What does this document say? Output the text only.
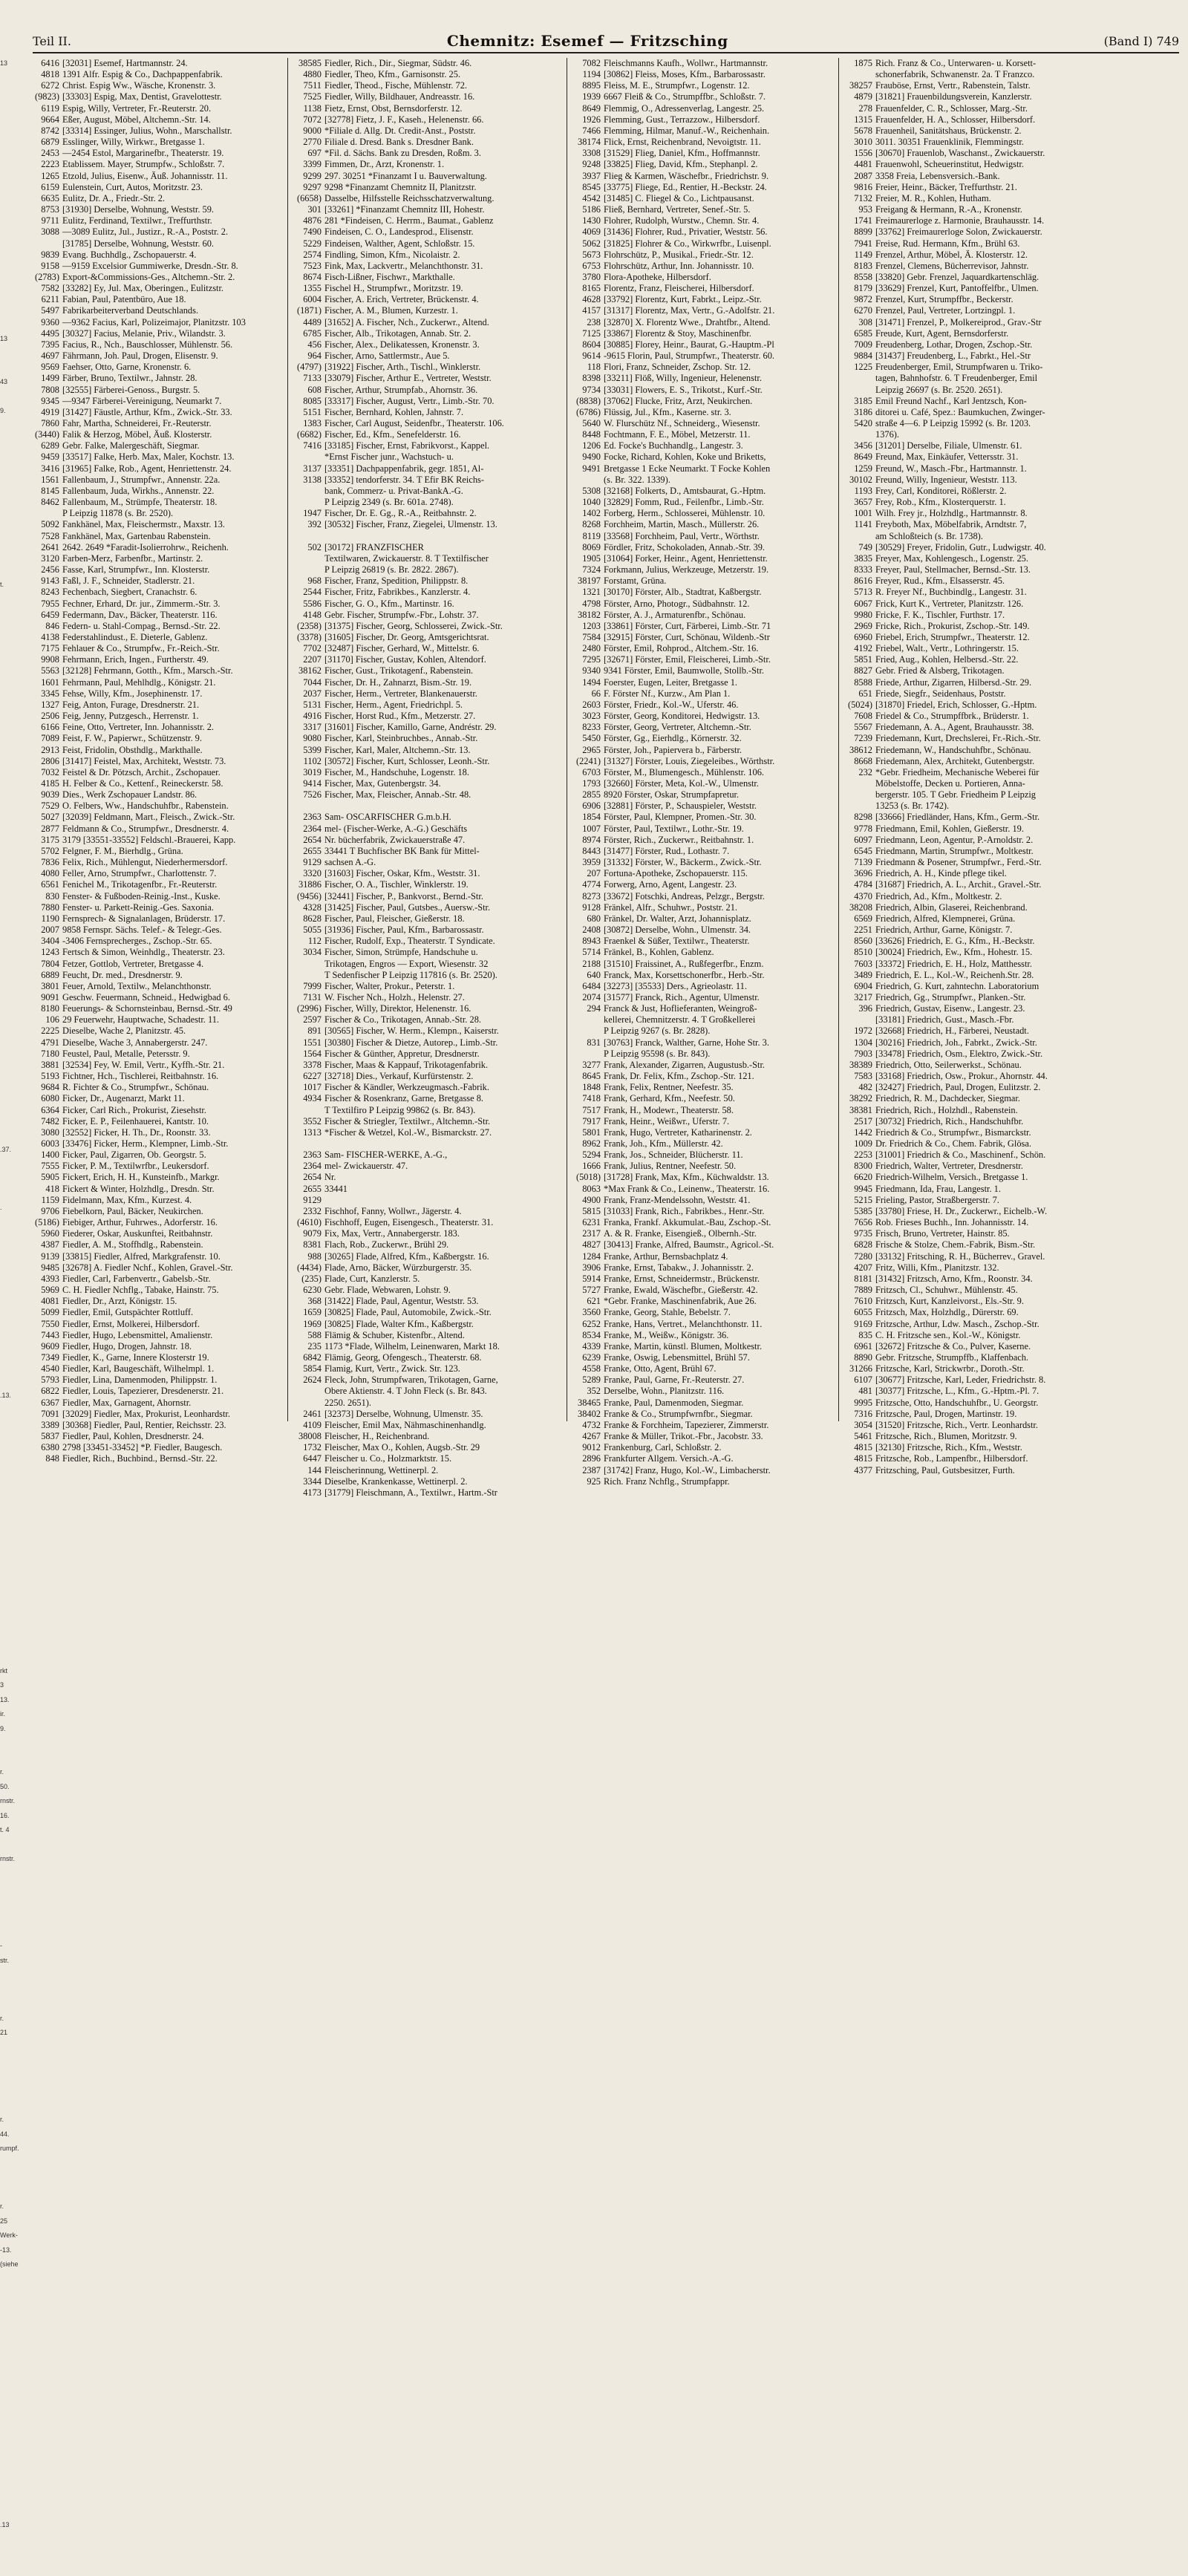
Teil II.	Chemnitz: Esemef — Fritzsching	(Band I) 749
13

13

43

9.

t.

.37.

.

.13.

rkt 3
13.
ir. 9.

r. 50.
rnstr.
16.
t. 4

rnstr.

-str.

r. 21

r. 44.
rumpf.

r. 25
Werk-
-13.
(siehe

.13

6416 [32031] Esemef, Hartmannstr. 24.
4818 1391 Alfr. Espig & Co., Dachpappenfabrik.
6272 Christ. Espig Ww., Wäsche, Kronenstr. 3.
(9823) [33303] Espig, Max, Dentist, Gravelottestr.
6119 Espig, Willy, Vertreter, Fr.-Reuterstr. 20.
9664 Eßer, August, Möbel, Altchemn.-Str. 14.
8742 [33314] Essinger, Julius, Wohn., Marschallstr.
6879 Esslinger, Willy, Wirkwr., Bretgasse 1.
2453 —2454 Estol, Margarinefbr., Theaterstr. 19.
2223 Etablissem. Mayer, Strumpfw., Schloßstr. 7.
1265 Etzold, Julius, Eisenw., Äuß. Johannisstr. 11.
6159 Eulenstein, Curt, Autos, Moritzstr. 23.
6635 Eulitz, Dr. A., Friedr.-Str. 2.
8753 [31930] Derselbe, Wohnung, Weststr. 59.
9711 Eulitz, Ferdinand, Textilwr., Treffurthstr.
3088 —3089 Eulitz, Jul., Justizr., R.-A., Poststr. 2.
[31785] Derselbe, Wohnung, Weststr. 60.
9839 Evang. Buchhdlg., Zschopauerstr. 4.
9158 —9159 Excelsior Gummiwerke, Dresdn.-Str. 8.
(2783) Export-&Commissions-Ges., Altchemn.-Str. 2.
7582 [33282] Ey, Jul. Max, Oberingen., Eulitzstr.
6211 Fabian, Paul, Patentbüro, Aue 18.
5497 Fabrikarbeiterverband Deutschlands.
9360 —9362 Facius, Karl, Polizeimajor, Planitzstr. 103
4495 [30327] Facius, Melanie, Priv., Wilandstr. 3.
7395 Facius, R., Nch., Bauschlosser, Mühlenstr. 56.
4697 Fährmann, Joh. Paul, Drogen, Elisenstr. 9.
9569 Faehser, Otto, Garne, Kronenstr. 6.
1499 Färber, Bruno, Textilwr., Jahnstr. 28.
7808 [32555] Färberei-Genoss., Burgstr. 5.
9345 —9347 Färberei-Vereinigung, Neumarkt 7.
4919 [31427] Fäustle, Arthur, Kfm., Zwick.-Str. 33.
7860 Fahr, Martha, Schneiderei, Fr.-Reuterstr.
(3440) Falik & Herzog, Möbel, Äuß. Klosterstr.
6289 Gebr. Falke, Malergeschäft, Siegmar.
9459 [33517] Falke, Herb. Max, Maler, Kochstr. 13.
3416 [31965] Falke, Rob., Agent, Henriettenstr. 24.
1561 Fallenbaum, J., Strumpfwr., Annenstr. 22a.
8145 Fallenbaum, Juda, Wirkhs., Annenstr. 22.
8462 Fallenbaum, M., Strümpfe, Theaterstr. 18.
P Leipzig 11878 (s. Br. 2520).
5092 Fankhänel, Max, Fleischermstr., Maxstr. 13.
7528 Fankhänel, Max, Gartenbau Rabenstein.
2641 2642. 2649 *Faradit-Isolierrohrw., Reichenh.
3120 Farben-Merz, Farbenfbr., Martinstr. 2.
2456 Fasse, Karl, Strumpfwr., Inn. Klosterstr.
9143 Faßl, J. F., Schneider, Stadlerstr. 21.
8243 Fechenbach, Siegbert, Cranachstr. 6.
7955 Fechner, Erhard, Dr. jur., Zimmerm.-Str. 3.
6459 Federmann, Dav., Bäcker, Theaterstr. 116.
846 Federn- u. Stahl-Compag., Bernsd.-Str. 22.
4138 Federstahlindust., E. Dieterle, Gablenz.
7175 Fehlauer & Co., Strumpfw., Fr.-Reich.-Str.
9908 Fehrmann, Erich, Ingen., Furtherstr. 49.
5563 [32128] Fehrmann, Gotth., Kfm., Marsch.-Str.
1601 Fehrmann, Paul, Mehlhdlg., Königstr. 21.
3345 Fehse, Willy, Kfm., Josephinenstr. 17.
1327 Feig, Anton, Furage, Dresdnerstr. 21.
2506 Feig, Jenny, Putzgesch., Herrenstr. 1.
6166 Feine, Otto, Vertreter, Inn. Johannisstr. 2.
7089 Feist, F. W., Papierwr., Schützenstr. 9.
2913 Feist, Fridolin, Obsthdlg., Markthalle.
2806 [31417] Feistel, Max, Architekt, Weststr. 73.
7032 Feistel & Dr. Pötzsch, Archit., Zschopauer.
4185 H. Felber & Co., Kettenf., Reineckerstr. 58.
9039 Dies., Werk Zschopauer Landstr. 86.
7529 O. Felbers, Ww., Handschuhfbr., Rabenstein.
5027 [32039] Feldmann, Mart., Fleisch., Zwick.-Str.
2877 Feldmann & Co., Strumpfwr., Dresdnerstr. 4.
3175 3179 [33551-33552] Feldschl.-Brauerei, Kapp.
5702 Felgner, F. M., Bierhdlg., Grüna.
7836 Felix, Rich., Mühlengut, Niederhermersdorf.
4080 Feller, Arno, Strumpfwr., Charlottenstr. 7.
6561 Fenichel M., Trikotagenfbr., Fr.-Reuterstr.
830 Fenster- & Fußboden-Reinig.-Inst., Kuske.
7880 Fenster- u. Parkett-Reinig.-Ges. Saxonia.
1190 Fernsprech- & Signalanlagen, Brüderstr. 17.
2007 9858 Fernspr. Sächs. Telef.- & Telegr.-Ges.
3404 -3406 Fernsprecherges., Zschop.-Str. 65.
1243 Fertsch & Simon, Weinhdlg., Theaterstr. 23.
7804 Fetzer, Gottlob, Vertreter, Bretgasse 4.
6889 Feucht, Dr. med., Dresdnerstr. 9.
3801 Feuer, Arnold, Textilw., Melanchthonstr.
9091 Geschw. Feuermann, Schneid., Hedwigbad 6.
8180 Feuerungs- & Schornsteinbau, Bernsd.-Str. 49
106 29 Feuerwehr, Hauptwache, Schadestr. 11.
2225 Dieselbe, Wache 2, Planitzstr. 45.
4791 Dieselbe, Wache 3, Annabergerstr. 247.
7180 Feustel, Paul, Metalle, Petersstr. 9.
3881 [32534] Fey, W. Emil, Vertr., Kyffh.-Str. 21.
5193 Fichtner, Hch., Tischlerei, Reitbahnstr. 16.
9684 R. Fichter & Co., Strumpfwr., Schönau.
6080 Ficker, Dr., Augenarzt, Markt 11.
6364 Ficker, Carl Rich., Prokurist, Ziesehstr.
7482 Ficker, E. P., Feilenhauerei, Kantstr. 10.
3080 [32552] Ficker, H. Th., Dr., Roonstr. 33.
6003 [33476] Ficker, Herm., Klempner, Limb.-Str.
1400 Ficker, Paul, Zigarren, Ob. Georgstr. 5.
7555 Ficker, P. M., Textilwrfbr., Leukersdorf.
5905 Fickert, Erich, H. H., Kunsteinfb., Markgr.
418 Fickert & Winter, Holzhdlg., Dresdn. Str.
1159 Fidelmann, Max, Kfm., Kurzest. 4.
9706 Fiebelkorn, Paul, Bäcker, Neukirchen.
(5186) Fiebiger, Arthur, Fuhrwes., Adorferstr. 16.
5960 Fiederer, Oskar, Auskunftei, Reitbahnstr.
4387 Fiedler, A. M., Stoffhdlg., Rabenstein.
9139 [33815] Fiedler, Alfred, Markgrafenstr. 10.
9485 [32678] A. Fiedler Nchf., Kohlen, Gravel.-Str.
4393 Fiedler, Carl, Farbenvertr., Gabelsb.-Str.
5969 C. H. Fiedler Nchflg., Tabake, Hainstr. 75.
4081 Fiedler, Dr., Arzt, Königstr. 15.
5099 Fiedler, Emil, Gutspächter Rottluff.
7550 Fiedler, Ernst, Molkerei, Hilbersdorf.
7443 Fiedler, Hugo, Lebensmittel, Amalienstr.
9609 Fiedler, Hugo, Drogen, Jahnstr. 18.
7349 Fiedler, K., Garne, Innere Klosterstr 19.
4540 Fiedler, Karl, Baugeschäft, Wilhelmpl. 1.
5793 Fiedler, Lina, Damenmoden, Philippstr. 1.
6822 Fiedler, Louis, Tapezierer, Dresdenerstr. 21.
6367 Fiedler, Max, Garnagent, Ahornstr.
7091 [32029] Fiedler, Max, Prokurist, Leonhardstr.
3389 [30368] Fiedler, Paul, Rentier, Reichsstr. 23.
5837 Fiedler, Paul, Kohlen, Dresdnerstr. 24.
6380 2798 [33451-33452] *P. Fiedler, Baugesch.
848 Fiedler, Rich., Buchbind., Bernsd.-Str. 22.
38585 Fiedler, Rich., Dir., Siegmar, Südstr. 46.
4880 Fiedler, Theo, Kfm., Garnisonstr. 25.
7511 Fiedler, Theod., Fische, Mühlenstr. 72.
7525 Fiedler, Willy, Bildhauer, Andreasstr. 16.
1138 Fietz, Ernst, Obst, Bernsdorferstr. 12.
7072 [32778] Fietz, J. F., Kaseh., Helenenstr. 66.
9000 *Filiale d. Allg. Dt. Credit-Anst., Poststr.
2770 Filiale d. Dresd. Bank s. Dresdner Bank.
697 *Fil. d. Sächs. Bank zu Dresden, Roßm. 3.
3399 Fimmen, Dr., Arzt, Kronenstr. 1.
9299 297. 30251 *Finanzamt I u. Bauverwaltung.
9297 9298 *Finanzamt Chemnitz II, Planitzstr.
(6658) Dasselbe, Hilfsstelle Reichsschatzverwaltung.
301 [33261] *Finanzamt Chemnitz III, Hohestr.
4876 281 *Findeisen, C. Herrm., Baumat., Gablenz
7490 Findeisen, C. O., Landesprod., Elisenstr.
5229 Findeisen, Walther, Agent, Schloßstr. 15.
2574 Findling, Simon, Kfm., Nicolaistr. 2.
7523 Fink, Max, Lackvertr., Melanchthonstr. 31.
8674 Fisch-Lißner, Fischwr., Markthalle.
1355 Fischel H., Strumpfwr., Moritzstr. 19.
6004 Fischer, A. Erich, Vertreter, Brückenstr. 4.
(1871) Fischer, A. M., Blumen, Kurzestr. 1.
4489 [31652] A. Fischer, Nch., Zuckerwr., Altend.
6785 Fischer, Alb., Trikotagen, Annab. Str. 2.
456 Fischer, Alex., Delikatessen, Kronenstr. 3.
964 Fischer, Arno, Sattlermstr., Aue 5.
(4797) [31922] Fischer, Arth., Tischl., Winklerstr.
7133 [33079] Fischer, Arthur E., Vertreter, Weststr.
608 Fischer, Arthur, Strumpfab., Ahornstr. 36.
8085 [33317] Fischer, August, Vertr., Limb.-Str. 70.
5151 Fischer, Bernhard, Kohlen, Jahnstr. 7.
1383 Fischer, Carl August, Seidenfbr., Theaterstr. 106.
(6682) Fischer, Ed., Kfm., Senefelderstr. 16.
7416 [33185] Fischer, Ernst, Fabrikvorst., Kappel.
*Ernst Fischer junr., Wachstuch- u.
3137 [33351] Dachpappenfabrik, gegr. 1851, Al-
3138 [33352] tendorferstr. 34. T Efir BK Reichs-
bank, Commerz- u. Privat-BankA.-G.
P Leipzig 2349 (s. Br. 601a. 2748).
1947 Fischer, Dr. E. Gg., R.-A., Reitbahnstr. 2.
392 [30532] Fischer, Franz, Ziegelei, Ulmenstr. 13.

502 [30172] FRANZFISCHER
Textilwaren, Zwickauerstr. 8. T Textilfischer
P Leipzig 26819 (s. Br. 2822. 2867).
968 Fischer, Franz, Spedition, Philippstr. 8.
2544 Fischer, Fritz, Fabrikbes., Kanzlerstr. 4.
5586 Fischer, G. O., Kfm., Martinstr. 16.
4148 Gebr. Fischer, Strumpfw.-Fbr., Lohstr. 37.
(2358) [31375] Fischer, Georg, Schlosserei, Zwick.-Str.
(3378) [31605] Fischer, Dr. Georg, Amtsgerichtsrat.
7702 [32487] Fischer, Gerhard, W., Mittelstr. 6.
2207 [31170] Fischer, Gustav, Kohlen, Altendorf.
38162 Fischer, Gust., Trikotagenf., Rabenstein.
7044 Fischer, Dr. H., Zahnarzt, Bism.-Str. 19.
2037 Fischer, Herm., Vertreter, Blankenauerstr.
5131 Fischer, Herm., Agent, Friedrichpl. 5.
4916 Fischer, Horst Rud., Kfm., Metzerstr. 27.
3317 [31601] Fischer, Kamillo, Garne, Andréstr. 29.
9080 Fischer, Karl, Steinbruchbes., Annab.-Str.
5399 Fischer, Karl, Maler, Altchemn.-Str. 13.
1102 [30572] Fischer, Kurt, Schlosser, Leonh.-Str.
3019 Fischer, M., Handschuhe, Logenstr. 18.
9414 Fischer, Max, Gutenbergstr. 34.
7526 Fischer, Max, Fleischer, Annab.-Str. 48.

2363 Sam- OSCARFISCHER G.m.b.H.
2364 mel- (Fischer-Werke, A.-G.) Geschäfts
2654 Nr. bücherfabrik, Zwickauerstraße 47.
2655 33441 T Buchfischer BK Bank für Mittel-
9129 sachsen A.-G.
3320 [31603] Fischer, Oskar, Kfm., Weststr. 31.
31886 Fischer, O. A., Tischler, Winklerstr. 19.
(9456) [32441] Fischer, P., Bankvorst., Bernd.-Str.
4328 [31425] Fischer, Paul, Gutsbes., Auersw.-Str.
8628 Fischer, Paul, Fleischer, Gießerstr. 18.
5055 [31936] Fischer, Paul, Kfm., Barbarossastr.
112 Fischer, Rudolf, Exp., Theaterstr. T Syndicate.
3034 Fischer, Simon, Strümpfe, Handschuhe u.
Trikotagen, Engros — Export, Wiesenstr. 32
T Sedenfischer P Leipzig 117816 (s. Br. 2520).
7999 Fischer, Walter, Prokur., Peterstr. 1.
7131 W. Fischer Nch., Holzh., Helenstr. 27.
(2996) Fischer, Willy, Direktor, Helenenstr. 16.
2597 Fischer & Co., Trikotagen, Annab.-Str. 28.
891 [30565] Fischer, W. Herm., Klempn., Kaiserstr.
1551 [30380] Fischer & Dietze, Autorep., Limb.-Str.
1564 Fischer & Günther, Appretur, Dresdnerstr.
3378 Fischer, Maas & Kappauf, Trikotagenfabrik.
6227 [32718] Dies., Verkauf, Kurfürstenstr. 2.
1017 Fischer & Kändler, Werkzeugmasch.-Fabrik.
4934 Fischer & Rosenkranz, Garne, Bretgasse 8.
T Textilfiro P Leipzig 99862 (s. Br. 843).
3552 Fischer & Striegler, Textilwr., Altchemn.-Str.
1313 *Fischer & Wetzel, Kol.-W., Bismarckstr. 27.

2363 Sam- FISCHER-WERKE, A.-G.,
2364 mel- Zwickauerstr. 47.
2654 Nr.
2655 33441
9129
2332 Fischhof, Fanny, Wollwr., Jägerstr. 4.
(4610) Fischhoff, Eugen, Eisengesch., Theaterstr. 31.
9079 Fix, Max, Vertr., Annabergerstr. 183.
8381 Flach, Rob., Zuckerwr., Brühl 29.
988 [30265] Flade, Alfred, Kfm., Kaßbergstr. 16.
(4434) Flade, Arno, Bäcker, Würzburgerstr. 35.
(235) Flade, Curt, Kanzlerstr. 5.
6230 Gebr. Flade, Webwaren, Lohstr. 9.
368 [31422] Flade, Paul, Agentur, Weststr. 53.
1659 [30825] Flade, Paul, Automobile, Zwick.-Str.
1969 [30825] Flade, Walter Kfm., Kaßbergstr.
588 Flämig & Schuber, Kistenfbr., Altend.
235 1173 *Flade, Wilhelm, Leinenwaren, Markt 18.
6842 Flämig, Georg, Ofengesch., Theaterstr. 68.
5854 Flamig, Kurt, Vertr., Zwick. Str. 123.
2624 Fleck, John, Strumpfwaren, Trikotagen, Garne,
Obere Aktienstr. 4. T John Fleck (s. Br. 843.
2250. 2651).
2461 [32373] Derselbe, Wohnung, Ulmenstr. 35.
4109 Fleischer, Emil Max, Nähmaschinenhandlg.
38008 Fleischer, H., Reichenbrand.
1732 Fleischer, Max O., Kohlen, Augsb.-Str. 29
6447 Fleischer u. Co., Holzmarktstr. 15.
144 Fleischerinnung, Wettinerpl. 2.
3344 Dieselbe, Krankenkasse, Wettinerpl. 2.
4173 [31779] Fleischmann, A., Textilwr., Hartm.-Str
7082 Fleischmanns Kaufh., Wollwr., Hartmannstr.
1194 [30862] Fleiss, Moses, Kfm., Barbarossastr.
8895 Fleiss, M. E., Strumpfwr., Logenstr. 12.
1939 6667 Fleiß & Co., Strumpffbr., Schloßstr. 7.
8649 Flemmig, O., Adressenverlag, Langestr. 25.
1926 Flemming, Gust., Terrazzow., Hilbersdorf.
7466 Flemming, Hilmar, Manuf.-W., Reichenhain.
38174 Flick, Ernst, Reichenbrand, Nevoigtstr. 11.
3308 [31529] Flieg, Daniel, Kfm., Hoffmannstr.
9248 [33825] Flieg, David, Kfm., Stephanpl. 2.
3937 Flieg & Karmen, Wäschefbr., Friedrichstr. 9.
8545 [33775] Fliege, Ed., Rentier, H.-Beckstr. 24.
4542 [31485] C. Fliegel & Co., Lichtpausanst.
5186 Fließ, Bernhard, Vertreter, Senef.-Str. 5.
1430 Flohrer, Rudolph, Wurstw., Chemn. Str. 4.
4069 [31436] Flohrer, Rud., Privatier, Weststr. 56.
5062 [31825] Flohrer & Co., Wirkwrfbr., Luisenpl.
5673 Flohrschütz, P., Musikal., Friedr.-Str. 12.
6753 Flohrschütz, Arthur, Inn. Johannisstr. 10.
3780 Flora-Apotheke, Hilbersdorf.
8165 Florentz, Franz, Fleischerei, Hilbersdorf.
4628 [33792] Florentz, Kurt, Fabrkt., Leipz.-Str.
4157 [31317] Florentz, Max, Vertr., G.-Adolfstr. 21.
238 [32870] X. Florentz Wwe., Drahtfbr., Altend.
7125 [33867] Florentz & Stoy, Maschinenfbr.
8604 [30885] Florey, Heinr., Baurat, G.-Hauptm.-Pl
9614 -9615 Florin, Paul, Strumpfwr., Theaterstr. 60.
118 Flori, Franz, Schneider, Zschop. Str. 12.
8398 [33211] Flöß, Willy, Ingenieur, Helenenstr.
9734 [33031] Flowers, E. S., Trikotst., Kurf.-Str.
(8838) [37062] Flucke, Fritz, Arzt, Neukirchen.
(6786) Flüssig, Jul., Kfm., Kaserne. str. 3.
5640 W. Flurschütz Nf., Schneiderg., Wiesenstr.
8448 Fochtmann, F. E., Möbel, Metzerstr. 11.
1206 Ed. Focke's Buchhandlg., Langestr. 3.
9490 Focke, Richard, Kohlen, Koke und Briketts,
9491 Bretgasse 1 Ecke Neumarkt. T Focke Kohlen
(s. Br. 322. 1339).
5308 [32168] Folkerts, D., Amtsbaurat, G.-Hptm.
1040 [32829] Fomm, Rud., Feilenfbr., Limb.-Str.
1402 Forberg, Herm., Schlosserei, Mühlenstr. 10.
8268 Forchheim, Martin, Masch., Müllerstr. 26.
8119 [33568] Forchheim, Paul, Vertr., Wörthstr.
8069 Fördler, Fritz, Schokoladen, Annab.-Str. 39.
1905 [31064] Forker, Heinr., Agent, Henriettenstr.
7324 Forkmann, Julius, Werkzeuge, Metzerstr. 19.
38197 Forstamt, Grüna.
1321 [30170] Förster, Alb., Stadtrat, Kaßbergstr.
4798 Förster, Arno, Photogr., Südbahnstr. 12.
38182 Förster, A. J., Armaturenfbr., Schönau.
1203 [33861] Förster, Curt, Färberei, Limb.-Str. 71
7584 [32915] Förster, Curt, Schönau, Wildenb.-Str
2480 Förster, Emil, Rohprod., Altchem.-Str. 16.
7295 [32671] Förster, Emil, Fleischerei, Limb.-Str.
9340 9341 Förster, Emil, Baumwolle, Stollb.-Str.
1494 Foerster, Eugen, Leiter, Bretgasse 1.
66 F. Förster Nf., Kurzw., Am Plan 1.
2603 Förster, Friedr., Kol.-W., Uferstr. 46.
3023 Förster, Georg, Konditorei, Hedwigstr. 13.
8233 Förster, Georg, Vertreter, Altchemn.-Str.
5450 Förster, Gg., Eierhdlg., Körnerstr. 32.
2965 Förster, Joh., Papiervera b., Färberstr.
(2241) [31327] Förster, Louis, Ziegeleibes., Wörthstr.
6703 Förster, M., Blumengesch., Mühlenstr. 106.
1793 [32660] Förster, Meta, Kol.-W., Ulmenstr.
2855 8920 Förster, Oskar, Strumpfapretur.
6906 [32881] Förster, P., Schauspieler, Weststr.
1854 Förster, Paul, Klempner, Promen.-Str. 30.
1007 Förster, Paul, Textilwr., Lothr.-Str. 19.
8974 Förster, Rich., Zuckerwr., Reitbahnstr. 1.
8443 [31477] Förster, Rud., Lothastr. 7.
3959 [31332] Förster, W., Bäckerm., Zwick.-Str.
207 Fortuna-Apotheke, Zschopauerstr. 115.
4774 Forwerg, Arno, Agent, Langestr. 23.
8273 [33672] Fotschki, Andreas, Pelzgr., Bergstr.
9128 Fränkel, Alfr., Schuhwr., Poststr. 21.
680 Fränkel, Dr. Walter, Arzt, Johannisplatz.
2408 [30872] Derselbe, Wohn., Ulmenstr. 34.
8943 Fraenkel & Süßer, Textilwr., Theaterstr.
5714 Fränkel, B., Kohlen, Gablenz.
2188 [31510] Fraissinet, A., Rußfegerfbr., Enzm.
640 Franck, Max, Korsettschonerfbr., Herb.-Str.
6484 [32273] [35533] Ders., Agrieolastr. 11.
2074 [31577] Franck, Rich., Agentur, Ulmenstr.
294 Franck & Just, Hoflieferanten, Weingroß-
kellerei, Chemnitzerstr. 4. T Großkellerei
P Leipzig 9267 (s. Br. 2828).
831 [30763] Franck, Walther, Garne, Hohe Str. 3.
P Leipzig 95598 (s. Br. 843).
3277 Frank, Alexander, Zigarren, Augustusb.-Str.
8645 Frank, Dr. Felix, Kfm., Zschop.-Str. 121.
1848 Frank, Felix, Rentner, Neefestr. 35.
7418 Frank, Gerhard, Kfm., Neefestr. 50.
7517 Frank, H., Modewr., Theaterstr. 58.
7917 Frank, Heinr., Weißwr., Uferstr. 7.
5801 Frank, Hugo, Vertreter, Katharinenstr. 2.
8962 Frank, Joh., Kfm., Müllerstr. 42.
5294 Frank, Jos., Schneider, Blücherstr. 11.
1666 Frank, Julius, Rentner, Neefestr. 50.
(5018) [31728] Frank, Max, Kfm., Küchwaldstr. 13.
8063 *Max Frank & Co., Leinenw., Theaterstr. 16.
4900 Frank, Franz-Mendelssohn, Weststr. 41.
5815 [31033] Frank, Rich., Fabrikbes., Henr.-Str.
6231 Franka, Frankf. Akkumulat.-Bau, Zschop.-St.
2317 A. & R. Franke, Eisengieß., Olbernh.-Str.
4827 [30413] Franke, Alfred, Baumstr., Agricol.-St.
1284 Franke, Arthur, Bernsbachplatz 4.
3906 Franke, Ernst, Tabakw., J. Johannisstr. 2.
5914 Franke, Ernst, Schneidermstr., Brückenstr.
5727 Franke, Ewald, Wäschefbr., Gießerstr. 42.
621 *Gebr. Franke, Maschinenfabrik, Aue 26.
3560 Franke, Georg, Stahle, Bebelstr. 7.
6252 Franke, Hans, Vertret., Melanchthonstr. 11.
8534 Franke, M., Weißw., Königstr. 36.
4339 Franke, Martin, künstl. Blumen, Moltkestr.
6239 Franke, Oswig, Lebensmittel, Brühl 57.
4558 Franke, Otto, Agent, Brühl 67.
5289 Franke, Paul, Garne, Fr.-Reuterstr. 27.
352 Derselbe, Wohn., Planitzstr. 116.
38465 Franke, Paul, Damenmoden, Siegmar.
38402 Franke & Co., Strumpfwrnfbr., Siegmar.
4732 Franke & Forchheim, Tapezierer, Zimmerstr.
4267 Franke & Müller, Trikot.-Fbr., Jacobstr. 33.
9012 Frankenburg, Carl, Schloßstr. 2.
2896 Frankfurter Allgem. Versich.-A.-G.
2387 [31742] Franz, Hugo, Kol.-W., Limbacherstr.
925 Rich. Franz Nchflg., Strumpfappr.
1875 Rich. Franz & Co., Unterwaren- u. Korsett-
schonerfabrik, Schwanenstr. 2a. T Franzco.
38257 Frauböse, Ernst, Vertr., Rabenstein, Talstr.
4879 [31821] Frauenbildungsverein, Kanzlerstr.
278 Frauenfelder, C. R., Schlosser, Marg.-Str.
1315 Frauenfelder, H. A., Schlosser, Hilbersdorf.
5678 Frauenheil, Sanitätshaus, Brückenstr. 2.
3010 3011. 30351 Frauenklinik, Flemmingstr.
1556 [30670] Frauenlob, Waschanst., Zwickauerstr.
4481 Frauenwohl, Scheuerinstitut, Hedwigstr.
2087 3358 Freia, Lebensversich.-Bank.
9816 Freier, Heinr., Bäcker, Treffurthstr. 21.
7132 Freier, M. R., Kohlen, Hutham.
953 Freigang & Hermann, R.-A., Kronenstr.
1741 Freimaurerloge z. Harmonie, Brauhausstr. 14.
8899 [33762] Freimaurerloge Solon, Zwickauerstr.
7941 Freise, Rud. Hermann, Kfm., Brühl 63.
1149 Frenzel, Arthur, Möbel, Ä. Klosterstr. 12.
8183 Frenzel, Clemens, Bücherrevisor, Jahnstr.
8558 [33820] Gebr. Frenzel, Jaquardkartenschläg.
8179 [33629] Frenzel, Kurt, Pantoffelfbr., Ulmen.
9872 Frenzel, Kurt, Strumpffbr., Beckerstr.
6270 Frenzel, Paul, Vertreter, Lortzingpl. 1.
308 [31471] Frenzel, P., Molkereiprod., Grav.-Str
6585 Freude, Kurt, Agent, Bernsdorferstr.
7009 Freudenberg, Lothar, Drogen, Zschop.-Str.
9884 [31437] Freudenberg, L., Fabrkt., Hel.-Str
1225 Freudenberger, Emil, Strumpfwaren u. Triko-
tagen, Bahnhofstr. 6. T Freudenberger, Emil
Leipzig 26697 (s. Br. 2520. 2651).
3185 Emil Freund Nachf., Karl Jentzsch, Kon-
3186 ditorei u. Café, Spez.: Baumkuchen, Zwinger-
5420 straße 4—6. P Leipzig 15992 (s. Br. 1203.
1376).
3456 [31201] Derselbe, Filiale, Ulmenstr. 61.
8649 Freund, Max, Einkäufer, Vettersstr. 31.
1259 Freund, W., Masch.-Fbr., Hartmannstr. 1.
30102 Freund, Willy, Ingenieur, Weststr. 113.
1193 Frey, Carl, Konditorei, Rößlerstr. 2.
3657 Frey, Rob., Kfm., Klosterquerstr. 1.
1001 Wilh. Frey jr., Holzhdlg., Hartmannstr. 8.
1141 Freyboth, Max, Möbelfabrik, Arndtstr. 7,
am Schloßteich (s. Br. 1738).
749 [30529] Freyer, Fridolin, Gutr., Ludwigstr. 40.
3835 Freyer, Max, Kohlengesch., Logenstr. 25.
8333 Freyer, Paul, Stellmacher, Bernsd.-Str. 13.
8616 Freyer, Rud., Kfm., Elsasserstr. 45.
5713 R. Freyer Nf., Buchbindlg., Langestr. 31.
6067 Frick, Kurt K., Vertreter, Planitzstr. 126.
9980 Fricke, F. K., Tischler, Furthstr. 17.
2969 Fricke, Rich., Prokurist, Zschop.-Str. 149.
6960 Friebel, Erich, Strumpfwr., Theaterstr. 12.
4192 Friebel, Walt., Vertr., Lothringerstr. 15.
5851 Fried, Aug., Kohlen, Helbersd.-Str. 22.
8827 Gebr. Fried & Alsberg, Trikotagen.
8588 Friede, Arthur, Zigarren, Hilbersd.-Str. 29.
651 Friede, Siegfr., Seidenhaus, Poststr.
(5024) [31870] Friedel, Erich, Schlosser, G.-Hptm.
7608 Friedel & Co., Strumpffbrk., Brüderstr. 1.
5567 Friedemann, A. A., Agent, Brauhausstr. 38.
7239 Friedemann, Kurt, Drechslerei, Fr.-Rich.-Str.
38612 Friedemann, W., Handschuhfbr., Schönau.
8668 Friedemann, Alex, Architekt, Gutenbergstr.
232 *Gebr. Friedheim, Mechanische Weberei für
Möbelstoffe, Decken u. Portieren, Anna-
bergerstr. 105. T Gebr. Friedheim P Leipzig
13253 (s. Br. 1742).
8298 [33666] Friedländer, Hans, Kfm., Germ.-Str.
9778 Friedmann, Emil, Kohlen, Gießerstr. 19.
6097 Friedmann, Leon, Agentur, P.-Arnoldstr. 2.
6545 Friedmann, Martin, Strumpfwr., Moltkestr.
7139 Friedmann & Posener, Strumpfwr., Ferd.-Str.
3696 Friedrich, A. H., Kinde pflege tikel.
4784 [31687] Friedrich, A. L., Archit., Gravel.-Str.
4370 Friedrich, Ad., Kfm., Moltkestr. 2.
38208 Friedrich, Albin, Glaserei, Reichenbrand.
6569 Friedrich, Alfred, Klempnerei, Grüna.
2251 Friedrich, Arthur, Garne, Königstr. 7.
8560 [33626] Friedrich, E. G., Kfm., H.-Beckstr.
8510 [30024] Friedrich, Ew., Kfm., Hohestr. 15.
7603 [33372] Friedrich, E. H., Holz, Matthesstr.
3489 Friedrich, E. L., Kol.-W., Reichenh.Str. 28.
6904 Friedrich, G. Kurt, zahntechn. Laboratorium
3217 Friedrich, Gg., Strumpfwr., Planken.-Str.
396 Friedrich, Gustav, Eisenw., Langestr. 23.
[33181] Friedrich, Gust., Masch.-Fbr.
1972 [32668] Friedrich, H., Färberei, Neustadt.
1304 [30216] Friedrich, Joh., Fabrkt., Zwick.-Str.
7903 [33478] Friedrich, Osm., Elektro, Zwick.-Str.
38389 Friedrich, Otto, Seilerwerkst., Schönau.
7583 [33168] Friedrich, Osw., Prokur., Ahornstr. 44.
482 [32427] Friedrich, Paul, Drogen, Eulitzstr. 2.
38292 Friedrich, R. M., Dachdecker, Siegmar.
38381 Friedrich, Rich., Holzhdl., Rabenstein.
2517 [30732] Friedrich, Rich., Handschuhfbr.
1442 Friedrich & Co., Strumpfwr., Bismarckstr.
1009 Dr. Friedrich & Co., Chem. Fabrik, Glösa.
2253 [31001] Friedrich & Co., Maschinenf., Schön.
8300 Friedrich, Walter, Vertreter, Dresdnerstr.
6620 Friedrich-Wilhelm, Versich., Bretgasse 1.
9945 Friedmann, Ida, Frau, Langestr. 1.
5215 Frieling, Pastor, Straßbergerstr. 7.
5385 [33780] Friese, H. Dr., Zuckerwr., Eichelb.-W.
7656 Rob. Frieses Buchh., Inn. Johannisstr. 14.
9735 Frisch, Bruno, Vertreter, Hainstr. 85.
6828 Frische & Stolze, Chem.-Fabrik, Bism.-Str.
7280 [33132] Fritsching, R. H., Bücherrev., Gravel.
4207 Fritz, Willi, Kfm., Planitzstr. 132.
8181 [31432] Fritzsch, Arno, Kfm., Roonstr. 34.
7889 Fritzsch, Cl., Schuhwr., Mühlenstr. 45.
7610 Fritzsch, Kurt, Kanzleivorst., Els.-Str. 9.
6055 Fritzsch, Max, Holzhdlg., Dürerstr. 69.
9169 Fritzsche, Arthur, Ldw. Masch., Zschop.-Str.
835 C. H. Fritzsche sen., Kol.-W., Königstr.
6961 [32672] Fritzsche & Co., Pulver, Kaserne.
8890 Gebr. Fritzsche, Strumpffb., Klaffenbach.
31266 Fritzsche, Karl, Strickwrbr., Doroth.-Str.
6107 [30677] Fritzsche, Karl, Leder, Friedrichstr. 8.
481 [30377] Fritzsche, L., Kfm., G.-Hptm.-Pl. 7.
9995 Fritzsche, Otto, Handschuhfbr., U. Georgstr.
7316 Fritzsche, Paul, Drogen, Martinstr. 19.
3054 [31520] Fritzsche, Rich., Vertr. Leonhardstr.
5461 Fritzsche, Rich., Blumen, Moritzstr. 9.
4815 [32130] Fritzsche, Rich., Kfm., Weststr.
4815 Fritzsche, Rob., Lampenfbr., Hilbersdorf.
4377 Fritzsching, Paul, Gutsbesitzer, Furth.
